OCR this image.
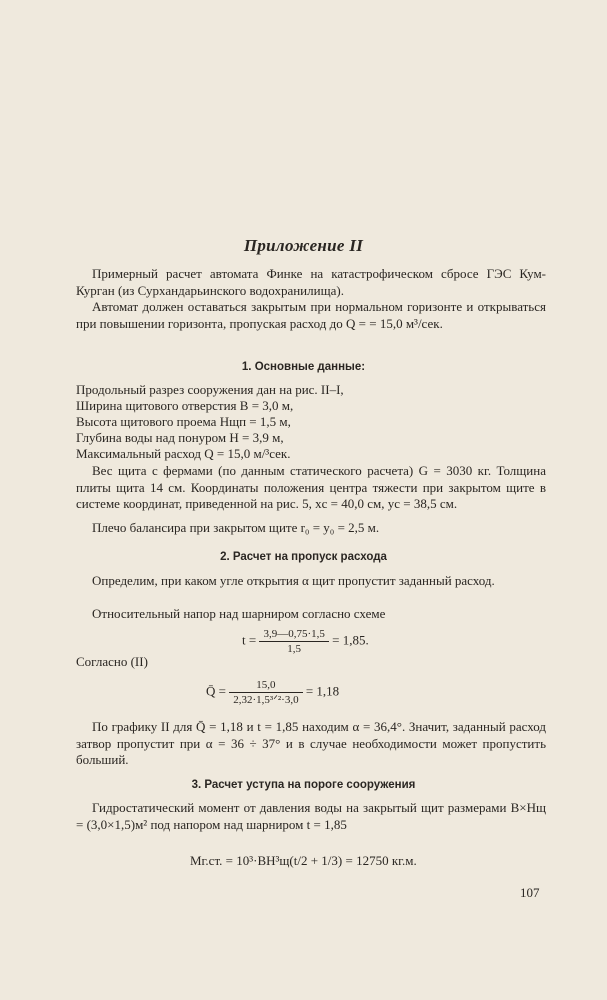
Приложение II
Примерный расчет автомата Финке на катастрофическом сбросе ГЭС Кум-Курган (из Сурхандарьинского водохранилища).
Автомат должен оставаться закрытым при нормальном горизонте и открываться при повышении горизонта, пропуская расход до Q = = 15,0 м³/сек.
1. Основные данные:
Продольный разрез сооружения дан на рис. II–I,
Ширина щитового отверстия B = 3,0 м,
Высота щитового проема Hщп = 1,5 м,
Глубина воды над понуром H = 3,9 м,
Максимальный расход Q = 15,0 м/³сек.
Вес щита с фермами (по данным статического расчета) G = 3030 кг. Толщина плиты щита 14 см. Координаты положения центра тяжести при закрытом щите в системе координат, приведенной на рис. 5, xc = 40,0 см, yc = 38,5 см.
Плечо балансира при закрытом щите r₀ = y₀ = 2,5 м.
2. Расчет на пропуск расхода
Определим, при каком угле открытия α щит пропустит заданный расход.
Относительный напор над шарниром согласно схеме
$t = \frac{3,9—0,75\cdot 1,5}{1,5} = 1,85$.
Согласно (II)
Q̄ = $\frac{15,0}{\text{2,32·1,5³ᐟ²·3,0}} = 1,18$
По графику II для Q̄ = 1,18 и t = 1,85 находим α = 36,4°. Значит, заданный расход затвор пропустит при α = 36 ÷ 37° и в случае необходимости может пропустить больший.
3. Расчет уступа на пороге сооружения
Гидростатический момент от давления воды на закрытый щит размерами B×Hщ = (3,0×1,5)м² под напором над шарниром t = 1,85
Mг.ст. = 10³·BH³щ(t/2 + 1/3) = 12750 кг.м.
107
